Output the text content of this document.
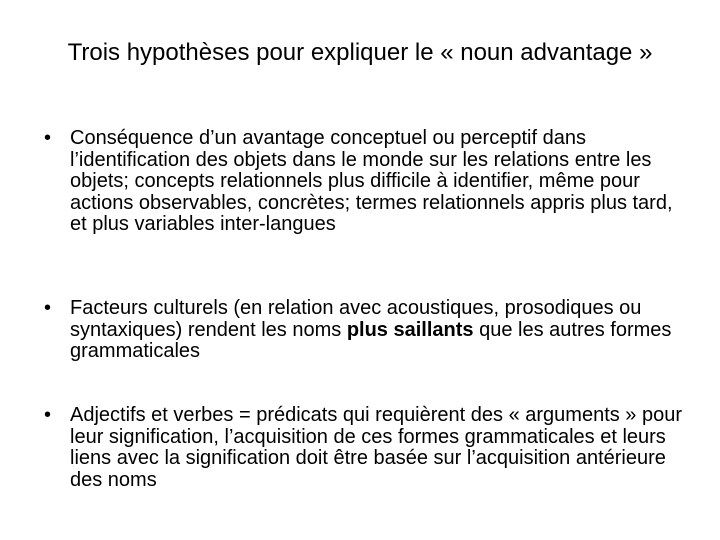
Trois hypothèses pour expliquer le « noun advantage »
• Conséquence d’un avantage conceptuel ou perceptif dans l’identification des objets dans le monde sur les relations entre les objets; concepts relationnels plus difficile à identifier, même pour actions observables, concrètes; termes relationnels appris plus tard, et plus variables inter-langues
• Facteurs culturels (en relation avec acoustiques, prosodiques ou syntaxiques) rendent les noms plus saillants que les autres formes grammaticales
• Adjectifs et verbes = prédicats qui requièrent des « arguments » pour leur signification, l’acquisition de ces formes grammaticales et leurs liens avec la signification doit être basée sur l’acquisition antérieure des noms
